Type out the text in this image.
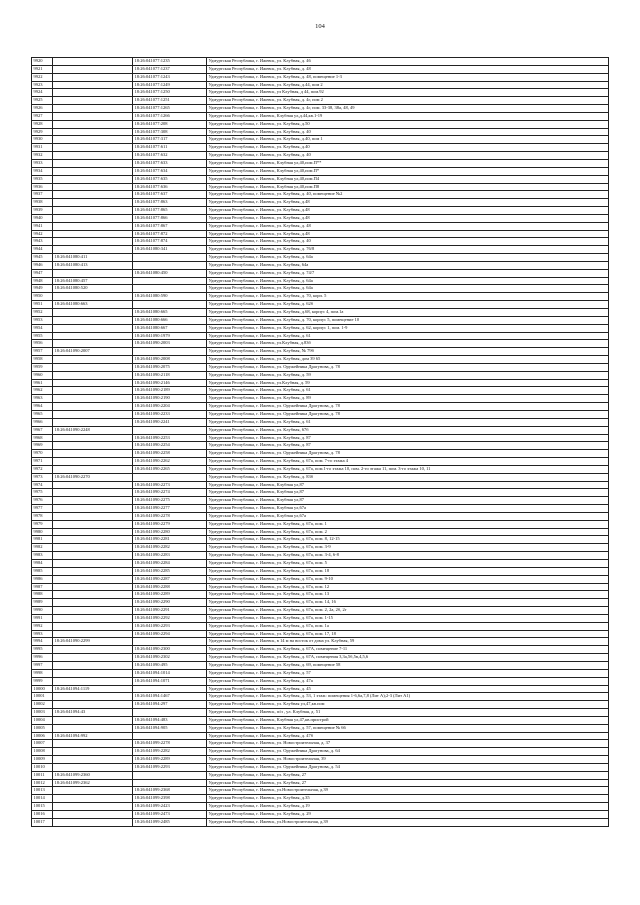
104
9920		18:26:041077:1235	Удмуртская Республика, г. Ижевск, ул. Клубная, д. 46
9921		18:26:041077:1237	Удмуртская Республика, г. Ижевск, ул. Клубная, д. 48
9922		18:26:041077:1243	Удмуртская Республика, г. Ижевск, ул. Клубная, д. 48, помещение 1-3
9923		18:26:041077:1249	Удмуртская Республика, г. Ижевск, ул. Клубная, д.44, пом 2
9924		18:26:041077:1250	Удмуртская Республика, г. Ижевск, ул Клубная, д 44, пом.92
9925		18:26:041077:1251	Удмуртская Республика, г. Ижевск, ул. Клубная, д. 4г, пом 2
9926		18:26:041077:1265	Удмуртская Республика, г. Ижевск, ул. Клубная, д. 4г, пом. 33-38, 38а, 48, 49
9927		18:26:041077:1266	Удмуртская Республика, г. Ижевск, Клубная ул,д.44,кв.1-19
9928		18:26:041077:208	Удмуртская Республика, г. Ижевск, ул. Клубная, д.50
9929		18:26:041077:308	Удмуртская Республика, г. Ижевск, ул. Клубная, д. 40
9930		18:26:041077:317	Удмуртская Республика, г. Ижевск, ул. Клубная, д.40, пом 1
9931		18:26:041077:611	Удмуртская Республика, г. Ижевск, ул. Клубная, д.40
9932		18:26:041077:632	Удмуртская Республика, г. Ижевск, ул. Клубная, д. 40
9933		18:26:041077:633	Удмуртская Республика, г. Ижевск, Клубная ул,40,пом.П**
9934		18:26:041077:634	Удмуртская Республика, г. Ижевск, Клубная ул,40,пом.П*
9935		18:26:041077:635	Удмуртская Республика, г. Ижевск, Клубная ул,40,пом.П4
9936		18:26:041077:636	Удмуртская Республика, г. Ижевск, Клубная ул,40,пом.П8
9937		18:26:041077:637	Удмуртская Республика, г. Ижевск, ул. Клубная, д. 40, помещение №2
9938		18:26:041077:863	Удмуртская Республика, г. Ижевск, ул. Клубная, д.48
9939		18:26:041077:865	Удмуртская Республика, г. Ижевск, ул. Клубная, д.48
9940		18:26:041077:866	Удмуртская Республика, г. Ижевск, ул. Клубная, д.48
9941		18:26:041077:867	Удмуртская Республика, г. Ижевск, ул. Клубная, д. 48
9942		18:26:041077:872	Удмуртская Республика, г. Ижевск, ул. Клубная, д.48
9943		18:26:041077:874	Удмуртская Республика, г. Ижевск, ул. Клубная, д. 40
9944		18:26:041080:341	Удмуртская Республика, г. Ижевск, ул. Клубная, д. 76/8
9945	18:26:041080:411		Удмуртская Республика, г. Ижевск, ул. Клубная, д. 64а
9946	18:26:041080:413		Удмуртская Республика, г. Ижевск, ул. Клубная, 64а
9947		18:26:041080:450	Удмуртская Республика, г. Ижевск, ул. Клубная, д. 74/7
9948	18:26:041080:457		Удмуртская Республика, г. Ижевск, ул. Клубная, д. 64а
9949	18:26:041080:520		Удмуртская Республика, г. Ижевск, ул. Клубная, д. 64а
9950		18:26:041080:590	Удмуртская Республика, г. Ижевск, ул. Клубная, д. 70, корп. 5
9951	18:26:041080:663		Удмуртская Республика, г. Ижевск, ул. Клубная, д. 62б
9952		18:26:041080:665	Удмуртская Республика, г. Ижевск, ул. Клубная, д.68, корпус 4, пом.1а
9953		18:26:041080:666	Удмуртская Республика, г. Ижевск, ул. Клубная, д. 70, корпус 5, помещение 10
9954		18:26:041080:667	Удмуртская Республика, г. Ижевск, ул. Клубная, д. 62, корпус 1, пом. 1-9
9955		18:26:041090:1979	Удмуртская Республика, г. Ижевск, ул. Клубная, д. 61
9956		18:26:041090:2003	Удмуртская Республика, г. Ижевск, ул.Клубная, д.83б
9957	18:26:041090:2007		Удмуртская Республика, г. Ижевск, ул. Клубная, № 79б
9958		18:26:041090:2008	Удмуртская Республика, г. Ижевск, ул. Клубная, дом 39 65
9959		18:26:041090:2075	Удмуртская Республика, г. Ижевск, ул. Оружейника Драгунова, д. 78
9960		18:26:041090:2118	Удмуртская Республика, г. Ижевск, ул. Клубная, д. 59
9961		18:26:041090:2146	Удмуртская Республика, г. Ижевск, ул.Клубная, д. 59
9962		18:26:041090:2189	Удмуртская Республика, г. Ижевск, ул. Клубная, д. 61
9963		18:26:041090:2190	Удмуртская Республика, г. Ижевск, ул. Клубная, д. 89
9964		18:26:041090:2204	Удмуртская Республика, г. Ижевск, ул. Оружейника Драгунова, д. 78
9965		18:26:041090:2233	Удмуртская Республика, г. Ижевск, ул. Оружейника Драгунова, д. 78
9966		18:26:041090:2241	Удмуртская Республика, г. Ижевск, ул. Клубная, д. 61
9967	18:26:041090:2248		Удмуртская Республика, г. Ижевск, ул. Клубная, 67б
9968		18:26:041090:2253	Удмуртская Республика, г. Ижевск, ул. Клубная, д. 87
9969		18:26:041090:2254	Удмуртская Республика, г. Ижевск, ул. Клубная, д. 87
9970		18:26:041090:2258	Удмуртская Республика, г. Ижевск, ул. Оружейника Драгунова, д. 78
9971		18:26:041090:2262	Удмуртская Республика, г. Ижевск, ул. Клубная, д. 67а, пом. 7-го этажа 4
9972		18:26:041090:2265	Удмуртская Республика, г. Ижевск, ул. Клубная, д. 67а, пом.1-го этажа 10, пом. 2-го этажа 11, пом. 3-го этажа 10, 11
9973	18:26:041090:2270		Удмуртская Республика, г. Ижевск, ул. Клубная, д. 83б
9974		18:26:041090:2273	Удмуртская Республика, г. Ижевск, Клубная ул,87
9975		18:26:041090:2274	Удмуртская Республика, г. Ижевск, Клубная ул,87
9976		18:26:041090:2275	Удмуртская Республика, г. Ижевск, Клубная ул,87
9977		18:26:041090:2277	Удмуртская Республика, г. Ижевск, Клубная ул,67а
9978		18:26:041090:2278	Удмуртская Республика, г. Ижевск, Клубная ул,67а
9979		18:26:041090:2279	Удмуртская Республика, г. Ижевск, ул. Клубная, д. 67а, пом. 1
9980		18:26:041090:2280	Удмуртская Республика, г. Ижевск, ул. Клубная, д. 67а, пом. 2
9981		18:26:041090:2281	Удмуртская Республика, г. Ижевск, ул. Клубная, д. 67а, пом. 8, 12-15
9982		18:26:041090:2282	Удмуртская Республика, г. Ижевск, ул. Клубная, д. 67а, пом. 3-9
9983		18:26:041090:2283	Удмуртская Республика, г. Ижевск, ул. Клубная, д. 67а, пом. 3-4, 6-8
9984		18:26:041090:2284	Удмуртская Республика, г. Ижевск, ул. Клубная, д. 67а, пом. 5
9985		18:26:041090:2285	Удмуртская Республика, г. Ижевск, ул. Клубная, д. 67а, пом. 18
9986		18:26:041090:2287	Удмуртская Республика, г. Ижевск, ул. Клубная, д. 67а, пом. 9-10
9987		18:26:041090:2288	Удмуртская Республика, г. Ижевск, ул. Клубная, д. 67а, пом. 12
9988		18:26:041090:2289	Удмуртская Республика, г. Ижевск, ул. Клубная, д. 67а, пом. 13
9989		18:26:041090:2290	Удмуртская Республика, г. Ижевск, ул. Клубная, д. 67а, пом. 14, 16
9990		18:26:041090:2291	Удмуртская Республика, г. Ижевск, ул. Клубная, д. 67а, пом. 2, 2а, 2б, 2г
9991		18:26:041090:2292	Удмуртская Республика, г. Ижевск, ул. Клубная, д. 67а, пом. 1-15
9992		18:26:041090:2293	Удмуртская Республика, г. Ижевск, ул. Клубная, д. 67а, пом. 1а
9993		18:26:041090:2294	Удмуртская Республика, г. Ижевск, ул. Клубная, д. 67а, пом. 17, 18
9994	18:26:041090:2299		Удмуртская Республика, г. Ижевск, в 14 м на восток от дома ул. Клубная, 59
9995		18:26:041090:2300	Удмуртская Республика, г. Ижевск, ул. Клубная, д. 67А, помещение 7-11
9996		18:26:041090:2302	Удмуртская Республика, г. Ижевск, ул. Клубная, д. 67А, помещения 3,3а,5б,5в,4,5,6
9997		18:26:041090:495	Удмуртская Республика, г. Ижевск, ул. Клубная, д. 69, помещение 58
9998		18:26:041094:1014	Удмуртская Республика, г. Ижевск, ул. Клубная, д. 57
9999		18:26:041094:1071	Удмуртская Республика, г. Ижевск, ул. Клубная, д. 47а
10000	18:26:041094:1119		Удмуртская Республика, г. Ижевск, ул. Клубная, д. 45
10001		18:26:041094:1467	Удмуртская Республика, г. Ижевск, ул. Клубная, д. 53, 1 этаж: помещения 1-6,6а,7,8 (Лит А);2-3 (Лит А1)
10002		18:26:041094:297	Удмуртская Республика, г. Ижевск, ул. Клубная ул,47,кв.пом
10003	18:26:041094:43		Удмуртская Республика, г. Ижевск, п/п , ул. Клубная, д. 51
10004		18:26:041094:483	Удмуртская Республика, г. Ижевск, Клубная ул,47,кв.пристрой
10005		18:26:041094:905	Удмуртская Республика, г. Ижевск, ул. Клубная, д. 57, помещение № 66
10006	18:26:041094:992		Удмуртская Республика, г. Ижевск, ул. Клубная, д. 47б
10007		18:26:041099:2278	Удмуртская Республика, г. Ижевск, ул. Новостроительная, д. 37
10008		18:26:041099:2282	Удмуртская Республика, г. Ижевск, ул. Оружейника Драгунова, д. 64
10009		18:26:041099:2289	Удмуртская Республика, г. Ижевск, ул. Новостроительная, 39
10010		18:26:041099:2293	Удмуртская Республика, г. Ижевск, ул. Оружейника Драгунова, д. 54
10011	18:26:041099:2360		Удмуртская Республика, г. Ижевск, ул. Клубная, 27
10012	18:26:041099:2362		Удмуртская Республика, г. Ижевск, ул. Клубная, 27
10013		18:26:041099:2368	Удмуртская Республика, г. Ижевск, ул.Новостроительная, д.39
10014		18:26:041099:2398	Удмуртская Республика, г. Ижевск, ул. Клубная, д.35
10015		18:26:041099:2423	Удмуртская Республика, г. Ижевск, ул. Клубная, д.19
10016		18:26:041099:2473	Удмуртская Республика, г. Ижевск, ул. Клубная, д. 29
10017		18:26:041099:2485	Удмуртская Республика, г. Ижевск, ул.Новостроительная, д.39
